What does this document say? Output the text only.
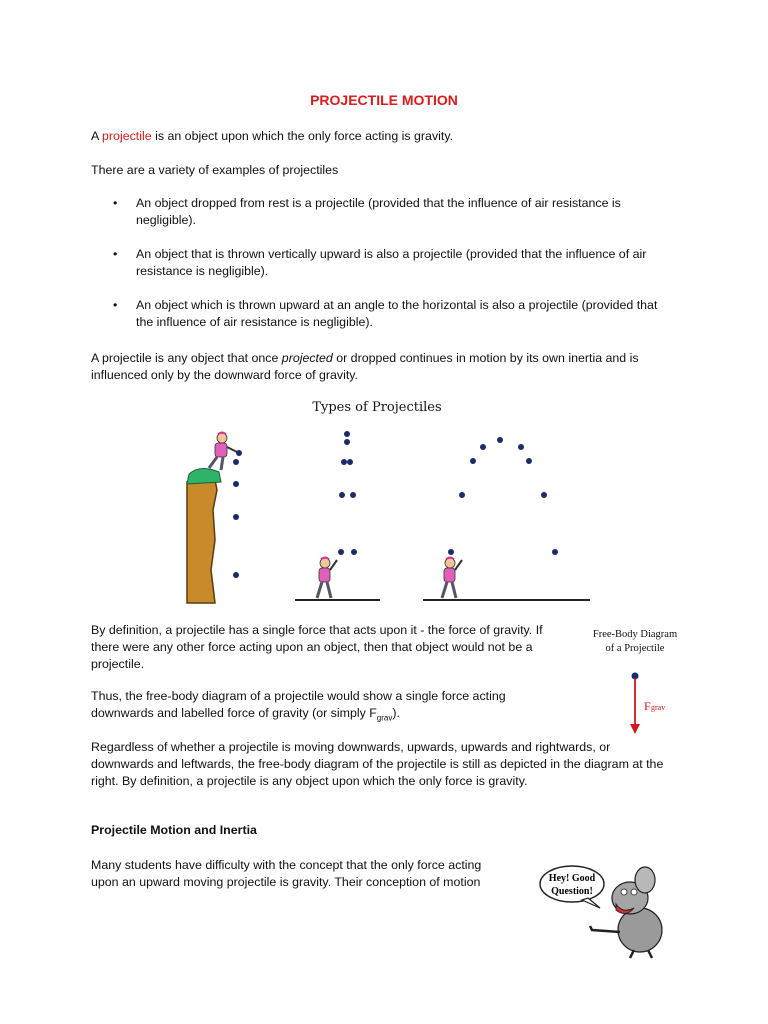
PROJECTILE MOTION
A projectile is an object upon which the only force acting is gravity.
There are a variety of examples of projectiles
• An object dropped from rest is a projectile (provided that the influence of air resistance is negligible).
• An object that is thrown vertically upward is also a projectile (provided that the influence of air resistance is negligible).
• An object which is thrown upward at an angle to the horizontal is also a projectile (provided that the influence of air resistance is negligible).
A projectile is any object that once projected or dropped continues in motion by its own inertia and is influenced only by the downward force of gravity.
Types of Projectiles
By definition, a projectile has a single force that acts upon it - the force of gravity. If there were any other force acting upon an object, then that object would not be a projectile.
Thus, the free-body diagram of a projectile would show a single force acting downwards and labelled force of gravity (or simply $F_{grav}$).
Regardless of whether a projectile is moving downwards, upwards, upwards and rightwards, or downwards and leftwards, the free-body diagram of the projectile is still as depicted in the diagram at the right. By definition, a projectile is any object upon which the only force is gravity.
Free-Body Diagram
of a Projectile
F grav
Projectile Motion and Inertia
Many students have difficulty with the concept that the only force acting upon an upward moving projectile is gravity. Their conception of motion	Hey! Good
Question!
